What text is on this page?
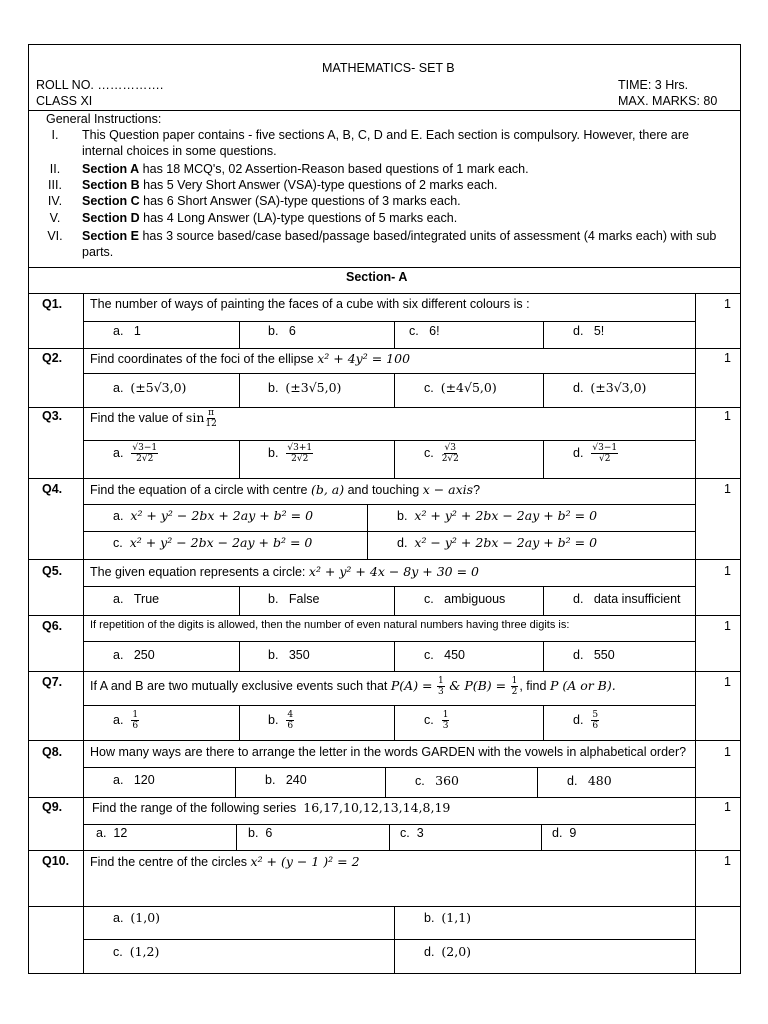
MATHEMATICS- SET B
ROLL NO. …………….
CLASS XI
TIME: 3 Hrs.
MAX. MARKS: 80
General Instructions:
I.	This Question paper contains - five sections A, B, C, D and E. Each section is compulsory. However, there are
internal choices in some questions.
II.	Section A has 18 MCQ's, 02 Assertion-Reason based questions of 1 mark each.
III.	Section B has 5 Very Short Answer (VSA)-type questions of 2 marks each.
IV.	Section C has 6 Short Answer (SA)-type questions of 3 marks each.
V.	Section D has 4 Long Answer (LA)-type questions of 5 marks each.
VI.	Section E has 3 source based/case based/passage based/integrated units of assessment (4 marks each) with sub
parts.
Section- A
Q1. The number of ways of painting the faces of a cube with six different colours is :	1
a. 1	b. 6	c. 6!	d. 5!
Q2. Find coordinates of the foci of the ellipse x² + 4y² = 100	1
a. (±5√3,0)	b. (±3√5,0)	c. (±4√5,0)	d. (±3√3,0)
Q3. Find the value of $\sin \frac{\pi}{12}$	1
a. $\frac{√3-1}{2√2}$	b. $\frac{√3+1}{2√2}$	c. $\frac{√3}{2√2}$	d. $\frac{√3-1}{√2}$
Q4. Find the equation of a circle with centre (b, a) and touching x − axis?	1
a. x² + y² − 2bx + 2ay + b² = 0	b. x² + y² + 2bx − 2ay + b² = 0
c. x² + y² − 2bx − 2ay + b² = 0	d. x² − y² + 2bx − 2ay + b² = 0
Q5. The given equation represents a circle: x² + y² + 4x − 8y + 30 = 0	1
a. True	b. False	c. ambiguous	d. data insufficient
Q6.	If repetition of the digits is allowed, then the number of even natural numbers having three digits is:	1
a. 250	b. 350	c. 450	d. 550
Q7. If A and B are two mutually exclusive events such that $P(A) = \frac{1}{3}$ & $P(B) = \frac{1}{2}$ , find P (A or B).	1
a. $\frac{1}{6}$	b. $\frac{4}{6}$	c. $\frac{1}{3}$	d. $\frac{5}{6}$
Q8. How many ways are there to arrange the letter in the words GARDEN with the vowels in alphabetical order?	1
a. 120	b. 240	c. 360	d. 480
Q9. Find the range of the following series 16,17,10,12,13,14,8,19	1
a. 12	b. 6	c. 3	d. 9
Q10. Find the centre of the circles x² + (y − 1 )² = 2	1
a. (1,0)	b. (1,1)
c. (1,2)	d. (2,0)
